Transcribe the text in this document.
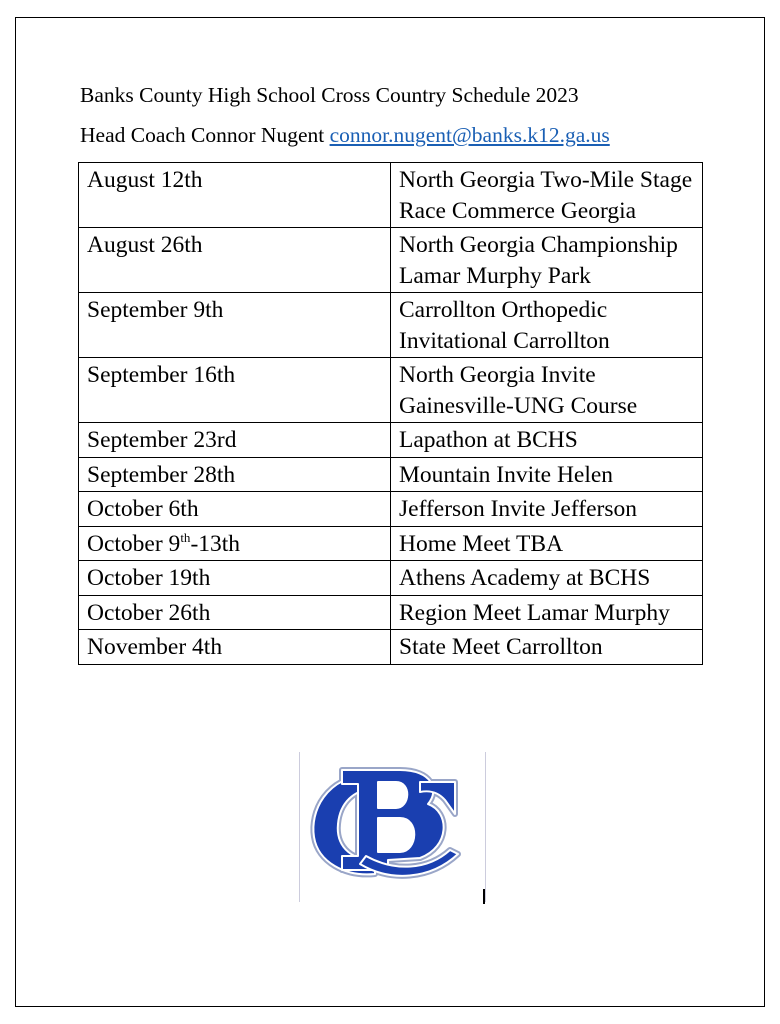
Banks County High School Cross Country Schedule 2023
Head Coach Connor Nugent connor.nugent@banks.k12.ga.us
August 12th	North Georgia Two-Mile Stage Race Commerce Georgia
August 26th	North Georgia Championship Lamar Murphy Park
September 9th	Carrollton Orthopedic Invitational Carrollton
September 16th	North Georgia Invite Gainesville-UNG Course
September 23rd	Lapathon at BCHS
September 28th	Mountain Invite Helen
October 6th	Jefferson Invite Jefferson
October 9th-13th	Home Meet TBA
October 19th	Athens Academy at BCHS
October 26th	Region Meet Lamar Murphy
November 4th	State Meet Carrollton
